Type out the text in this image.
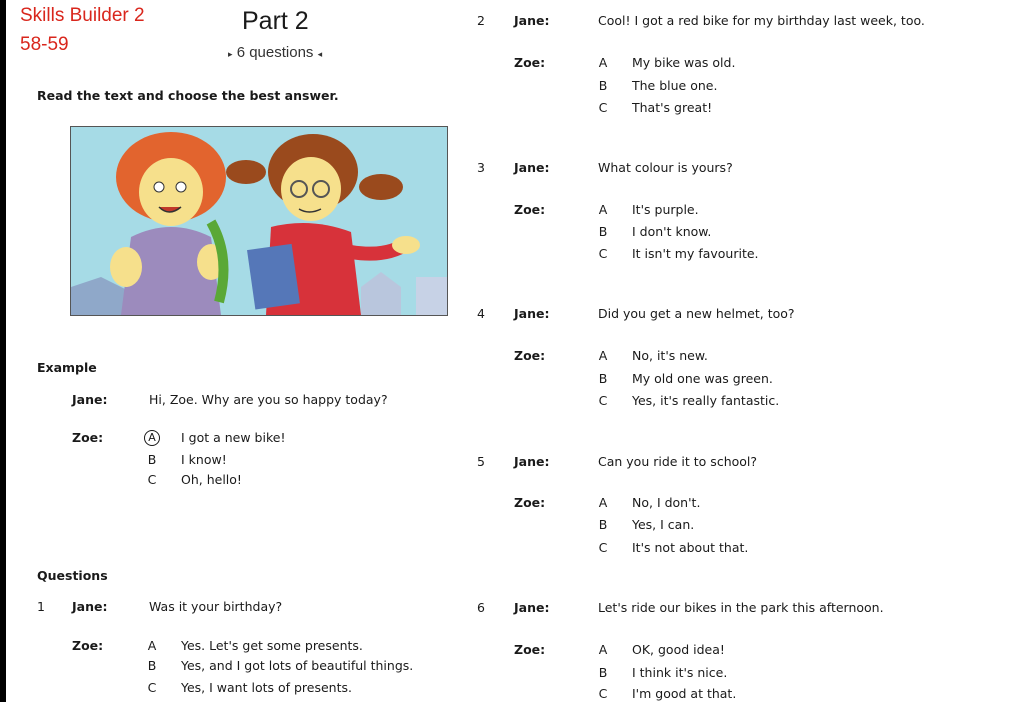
Skills Builder 2
58-59
Part 2
▸ 6 questions ◂
Read the text and choose the best answer.
Example
Jane:	Hi, Zoe. Why are you so happy today?
Zoe:	A	I got a new bike!
B I know!
C Oh, hello!
Questions
1 Jane:	Was it your birthday?
Zoe:	A Yes. Let's get some presents.
B Yes, and I got lots of beautiful things.
C Yes, I want lots of presents.
2 Jane:	Cool! I got a red bike for my birthday last week, too.
Zoe:	A My bike was old.
B The blue one.
C That's great!
3 Jane:	What colour is yours?
Zoe:	A It's purple.
B I don't know.
C It isn't my favourite.
4 Jane:	Did you get a new helmet, too?
Zoe:	A No, it's new.
B My old one was green.
C Yes, it's really fantastic.
5 Jane:	Can you ride it to school?
Zoe:	A No, I don't.
B Yes, I can.
C It's not about that.
6 Jane:	Let's ride our bikes in the park this afternoon.
Zoe:	A OK, good idea!
B I think it's nice.
C I'm good at that.
